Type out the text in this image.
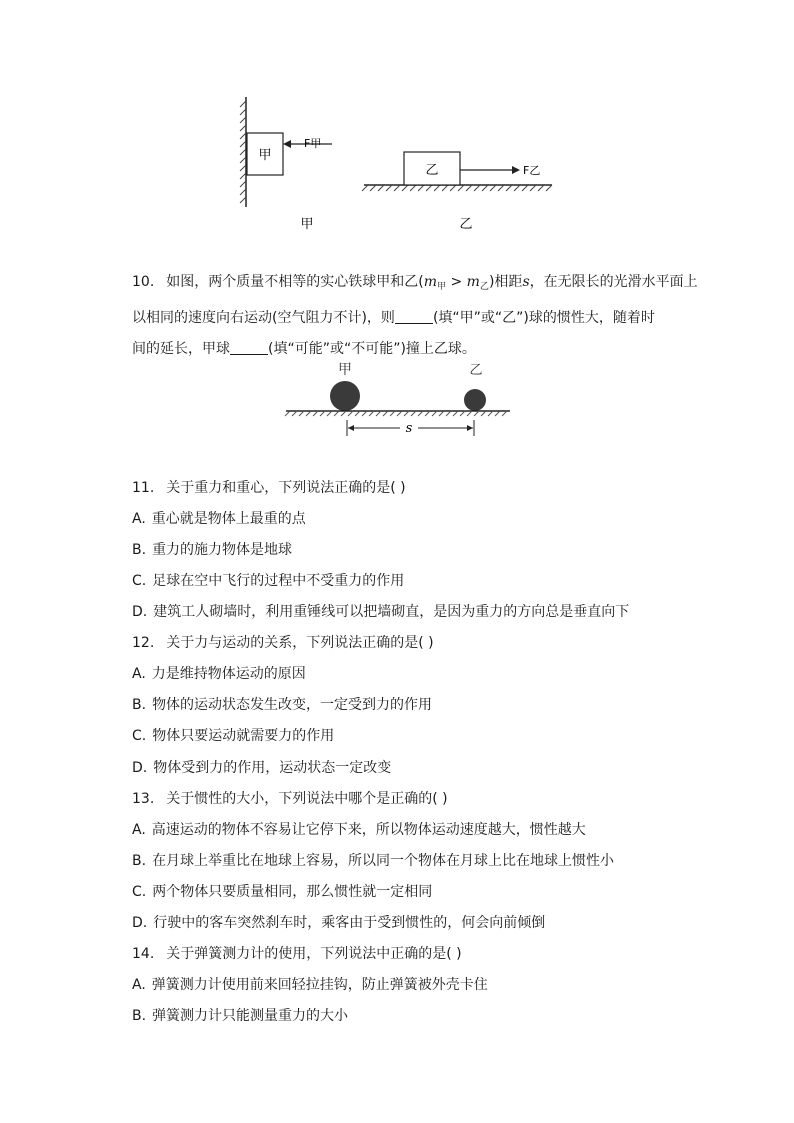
甲
F甲
乙	F乙
甲	乙
10. 如图，两个质量不相等的实心铁球甲和乙$(m_甲 > m_乙)$相距s，在无限长的光滑水平面上
以相同的速度向右运动(空气阻力不计)，则	(填“甲”或“乙”)球的惯性大，随着时
间的延长，甲球	(填“可能”或“不可能”)撞上乙球。
甲	乙
s
11. 关于重力和重心，下列说法正确的是( )
A. 重心就是物体上最重的点
B. 重力的施力物体是地球
C. 足球在空中飞行的过程中不受重力的作用
D. 建筑工人砌墙时，利用重锤线可以把墙砌直，是因为重力的方向总是垂直向下
12. 关于力与运动的关系，下列说法正确的是( )
A. 力是维持物体运动的原因
B. 物体的运动状态发生改变，一定受到力的作用
C. 物体只要运动就需要力的作用
D. 物体受到力的作用，运动状态一定改变
13. 关于惯性的大小，下列说法中哪个是正确的( )
A. 高速运动的物体不容易让它停下来，所以物体运动速度越大，惯性越大
B. 在月球上举重比在地球上容易，所以同一个物体在月球上比在地球上惯性小
C. 两个物体只要质量相同，那么惯性就一定相同
D. 行驶中的客车突然刹车时，乘客由于受到惯性的，何会向前倾倒
14. 关于弹簧测力计的使用，下列说法中正确的是( )
A. 弹簧测力计使用前来回轻拉挂钩，防止弹簧被外壳卡住
B. 弹簧测力计只能测量重力的大小
